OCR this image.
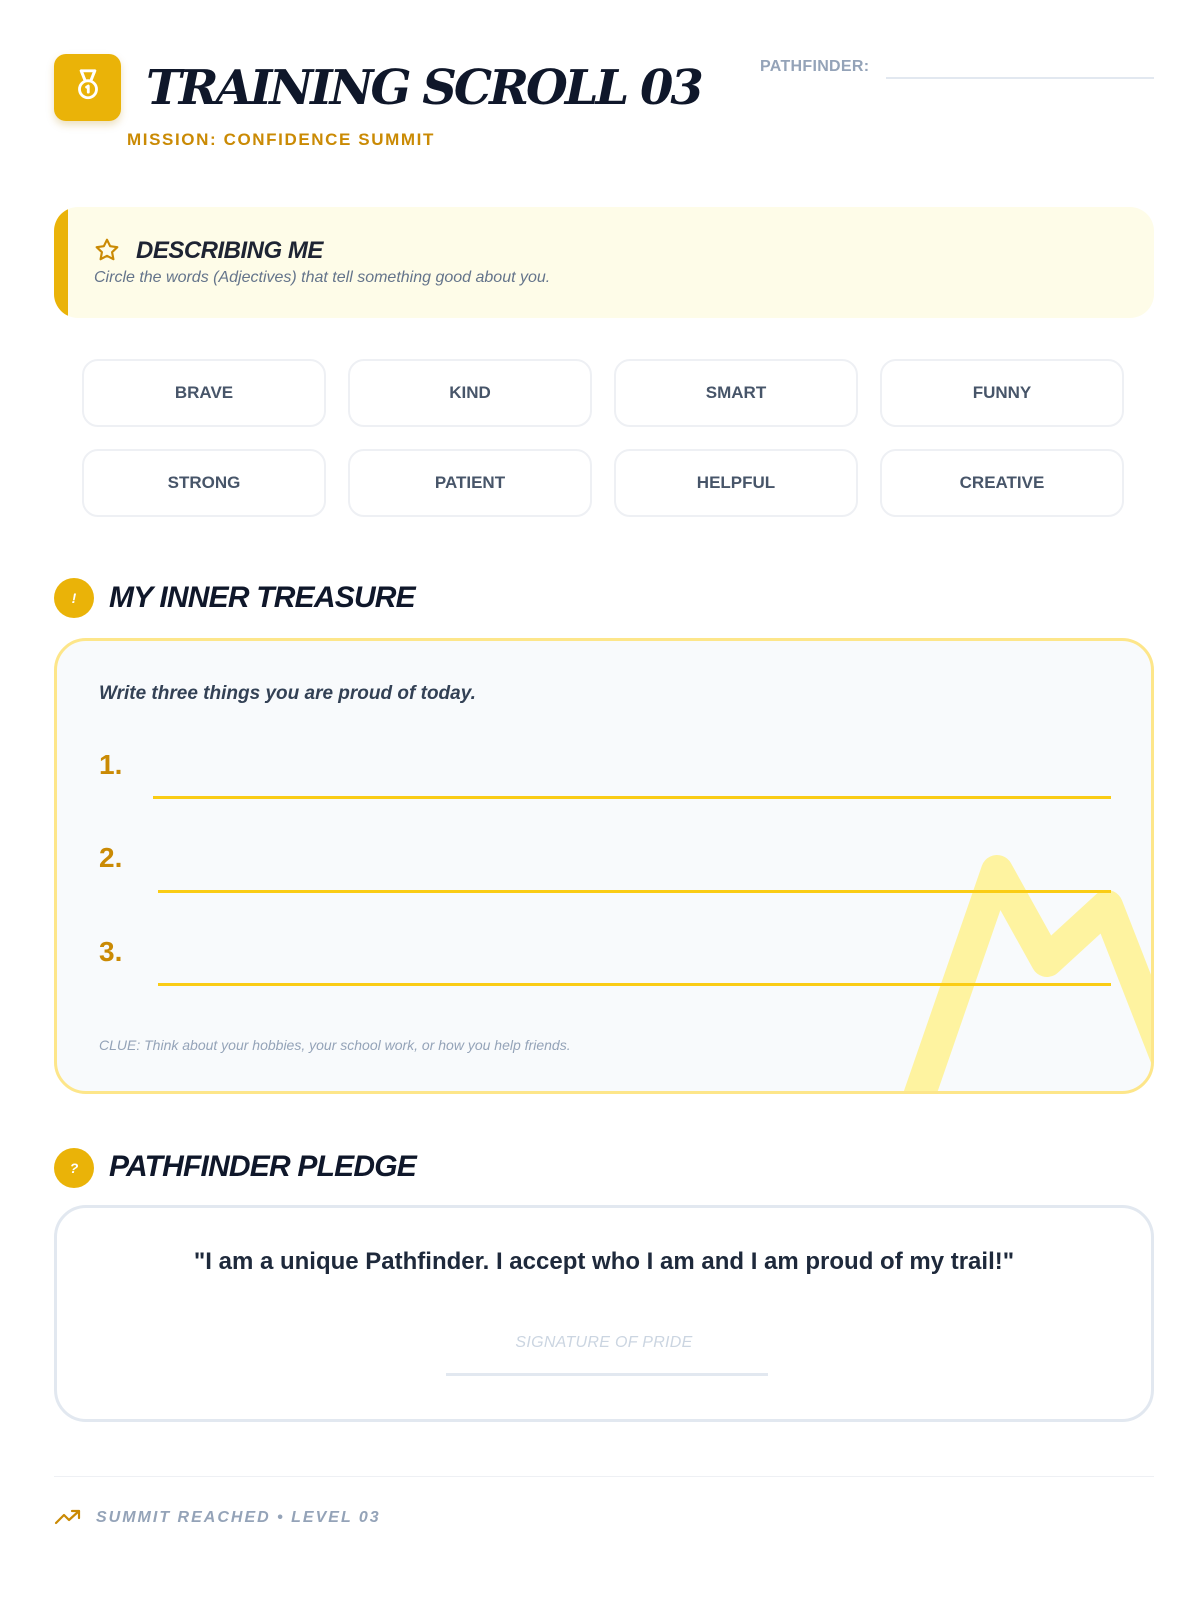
TRAINING SCROLL 03
MISSION: CONFIDENCE SUMMIT
PATHFINDER:
DESCRIBING ME
Circle the words (Adjectives) that tell something good about you.
BRAVE	KIND	SMART	FUNNY
STRONG	PATIENT	HELPFUL	CREATIVE
!	MY INNER TREASURE
Write three things you are proud of today.
1.
2.
3.
CLUE: Think about your hobbies, your school work, or how you help friends.
?	PATHFINDER PLEDGE
"I am a unique Pathfinder. I accept who I am and I am proud of my trail!"
SIGNATURE OF PRIDE
SUMMIT REACHED • LEVEL 03
